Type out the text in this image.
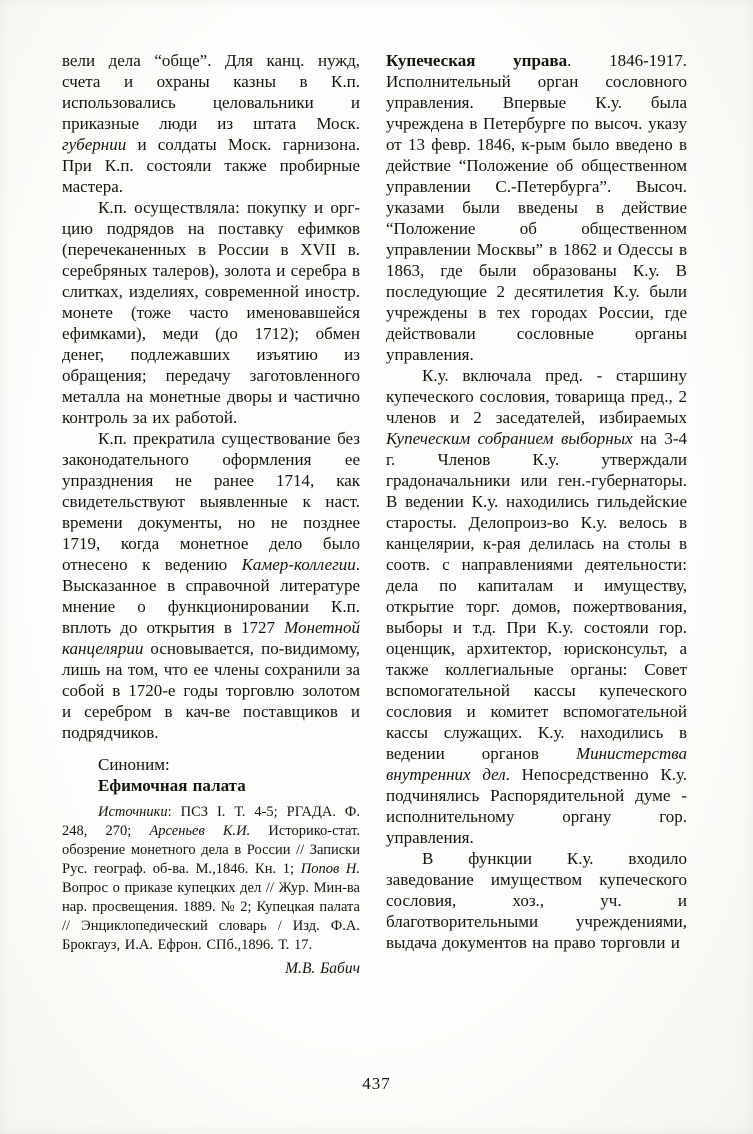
вели дела “обще”. Для канц. нужд, счета и охраны казны в К.п. использовались целовальники и приказные люди из штата Моск. губернии и солдаты Моск. гарнизона. При К.п. состояли также пробирные мастера.

К.п. осуществляла: покупку и орг-цию подрядов на поставку ефимков (перечеканенных в России в XVII в. серебряных талеров), золота и серебра в слитках, изделиях, современной иностр. монете (тоже часто именовавшейся ефимками), меди (до 1712); обмен денег, подлежавших изъятию из обращения; передачу заготовленного металла на монетные дворы и частично контроль за их работой.

К.п. прекратила существование без законодательного оформления ее упразднения не ранее 1714, как свидетельствуют выявленные к наст. времени документы, но не позднее 1719, когда монетное дело было отнесено к ведению Камер-коллегии. Высказанное в справочной литературе мнение о функционировании К.п. вплоть до открытия в 1727 Монетной канцелярии основывается, по-видимому, лишь на том, что ее члены сохранили за собой в 1720-е годы торговлю золотом и серебром в кач-ве поставщиков и подрядчиков.

Синоним:

Ефимочная палата

Источники: ПСЗ I. Т. 4-5; РГАДА. Ф. 248, 270; Арсеньев К.И. Историко-стат. обозрение монетного дела в России // Записки Рус. географ. об-ва. М.,1846. Кн. 1; Попов Н. Вопрос о приказе купецких дел // Жур. Мин-ва нар. просвещения. 1889. № 2; Купецкая палата // Энциклопедический словарь / Изд. Ф.А. Брокгауз, И.А. Ефрон. СПб.,1896. Т. 17.

М.В. Бабич

Купеческая управа. 1846-1917. Исполнительный орган сословного управления. Впервые К.у. была учреждена в Петербурге по высоч. указу от 13 февр. 1846, к-рым было введено в действие “Положение об общественном управлении С.-Петербурга”. Высоч. указами были введены в действие “Положение об общественном управлении Москвы” в 1862 и Одессы в 1863, где были образованы К.у. В последующие 2 десятилетия К.у. были учреждены в тех городах России, где действовали сословные органы управления.

К.у. включала пред. - старшину купеческого сословия, товарища пред., 2 членов и 2 заседателей, избираемых Купеческим собранием выборных на 3-4 г. Членов К.у. утверждали градоначальники или ген.-губернаторы. В ведении К.у. находились гильдейские старосты. Делопроиз-во К.у. велось в канцелярии, к-рая делилась на столы в соотв. с направлениями деятельности: дела по капиталам и имуществу, открытие торг. домов, пожертвования, выборы и т.д. При К.у. состояли гор. оценщик, архитектор, юрисконсульт, а также коллегиальные органы: Совет вспомогательной кассы купеческого сословия и комитет вспомогательной кассы служащих. К.у. находились в ведении органов Министерства внутренних дел. Непосредственно К.у. подчинялись Распорядительной думе - исполнительному органу гор. управления.

В функции К.у. входило заведование имуществом купеческого сословия, хоз., уч. и благотворительными учреждениями, выдача документов на право торговли и

437
